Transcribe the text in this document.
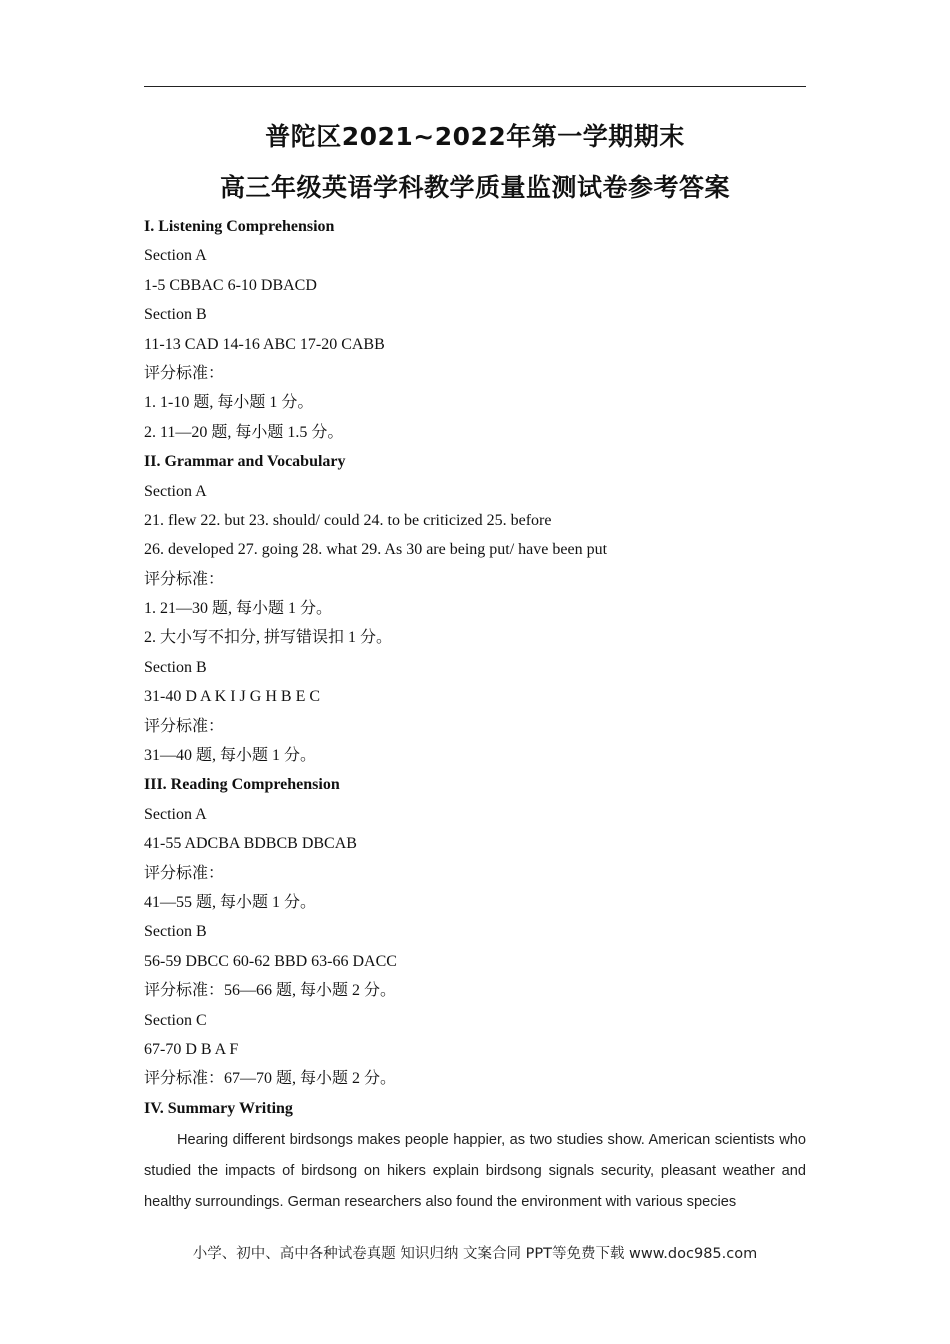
普陀区2021~2022年第一学期期末
高三年级英语学科教学质量监测试卷参考答案
I. Listening Comprehension
Section A
1-5 CBBAC 6-10 DBACD
Section B
11-13 CAD 14-16 ABC 17-20 CABB
评分标准：
1. 1-10 题, 每小题 1 分。
2. 11—20 题, 每小题 1.5 分。
II. Grammar and Vocabulary
Section A
21. flew 22. but 23. should/ could 24. to be criticized 25. before
26. developed 27. going 28. what 29. As 30 are being put/ have been put
评分标准：
1. 21—30 题, 每小题 1 分。
2. 大小写不扣分, 拼写错误扣 1 分。
Section B
31-40 D A K I J G H B E C
评分标准：
31—40 题, 每小题 1 分。
III. Reading Comprehension
Section A
41-55 ADCBA BDBCB DBCAB
评分标准：
41—55 题, 每小题 1 分。
Section B
56-59 DBCC 60-62 BBD 63-66 DACC
评分标准：56—66 题, 每小题 2 分。
Section C
67-70 D B A F
评分标准：67—70 题, 每小题 2 分。
IV. Summary Writing
Hearing different birdsongs makes people happier, as two studies show. American scientists who studied the impacts of birdsong on hikers explain birdsong signals security, pleasant weather and healthy surroundings. German researchers also found the environment with various species
小学、初中、高中各种试卷真题 知识归纳 文案合同 PPT等免费下载 www.doc985.com
